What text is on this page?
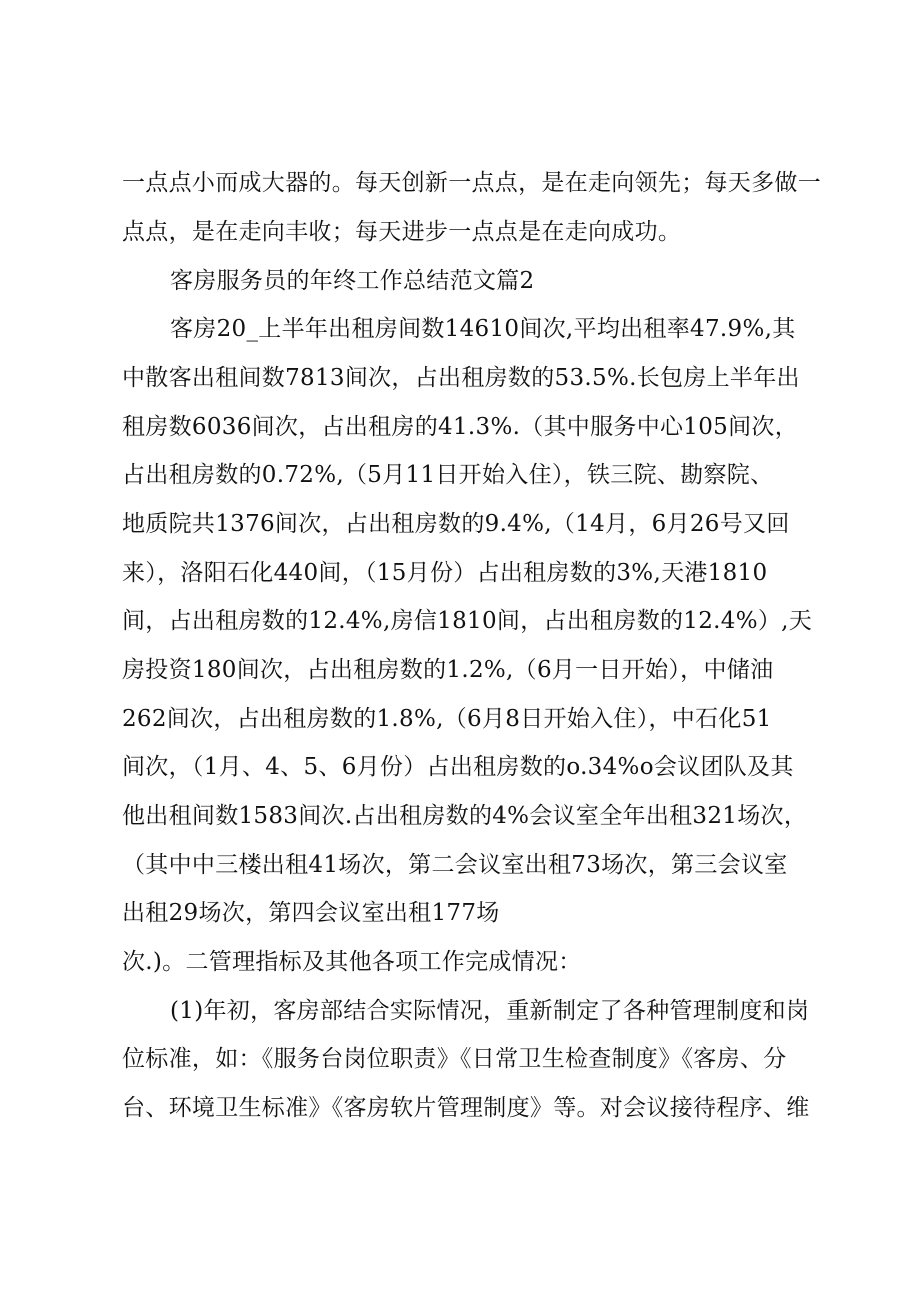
一点点小而成大器的。每天创新一点点，是在走向领先；每天多做一
点点，是在走向丰收；每天进步一点点是在走向成功。
客房服务员的年终工作总结范文篇2
客房20_上半年出租房间数14610间次,平均出租率47.9%,其
中散客出租间数7813间次，占出租房数的53.5%.长包房上半年出
租房数6036间次，占出租房的41.3%.（其中服务中心105间次，
占出租房数的0.72%,（5月11日开始入住），铁三院、勘察院、
地质院共1376间次，占出租房数的9.4%,（14月，6月26号又回
来），洛阳石化440间，（15月份）占出租房数的3%,天港1810
间，占出租房数的12.4%,房信1810间，占出租房数的12.4%）,天
房投资180间次，占出租房数的1.2%,（6月一日开始），中储油
262间次，占出租房数的1.8%,（6月8日开始入住），中石化51
间次，（1月、4、5、6月份）占出租房数的o.34%o会议团队及其
他出租间数1583间次.占出租房数的4%会议室全年出租321场次，
（其中中三楼出租41场次，第二会议室出租73场次，第三会议室
出租29场次，第四会议室出租177场
次.)。二管理指标及其他各项工作完成情况：
(1)年初，客房部结合实际情况，重新制定了各种管理制度和岗
位标准，如：《服务台岗位职责》《日常卫生检查制度》《客房、分
台、环境卫生标准》《客房软片管理制度》等。对会议接待程序、维
